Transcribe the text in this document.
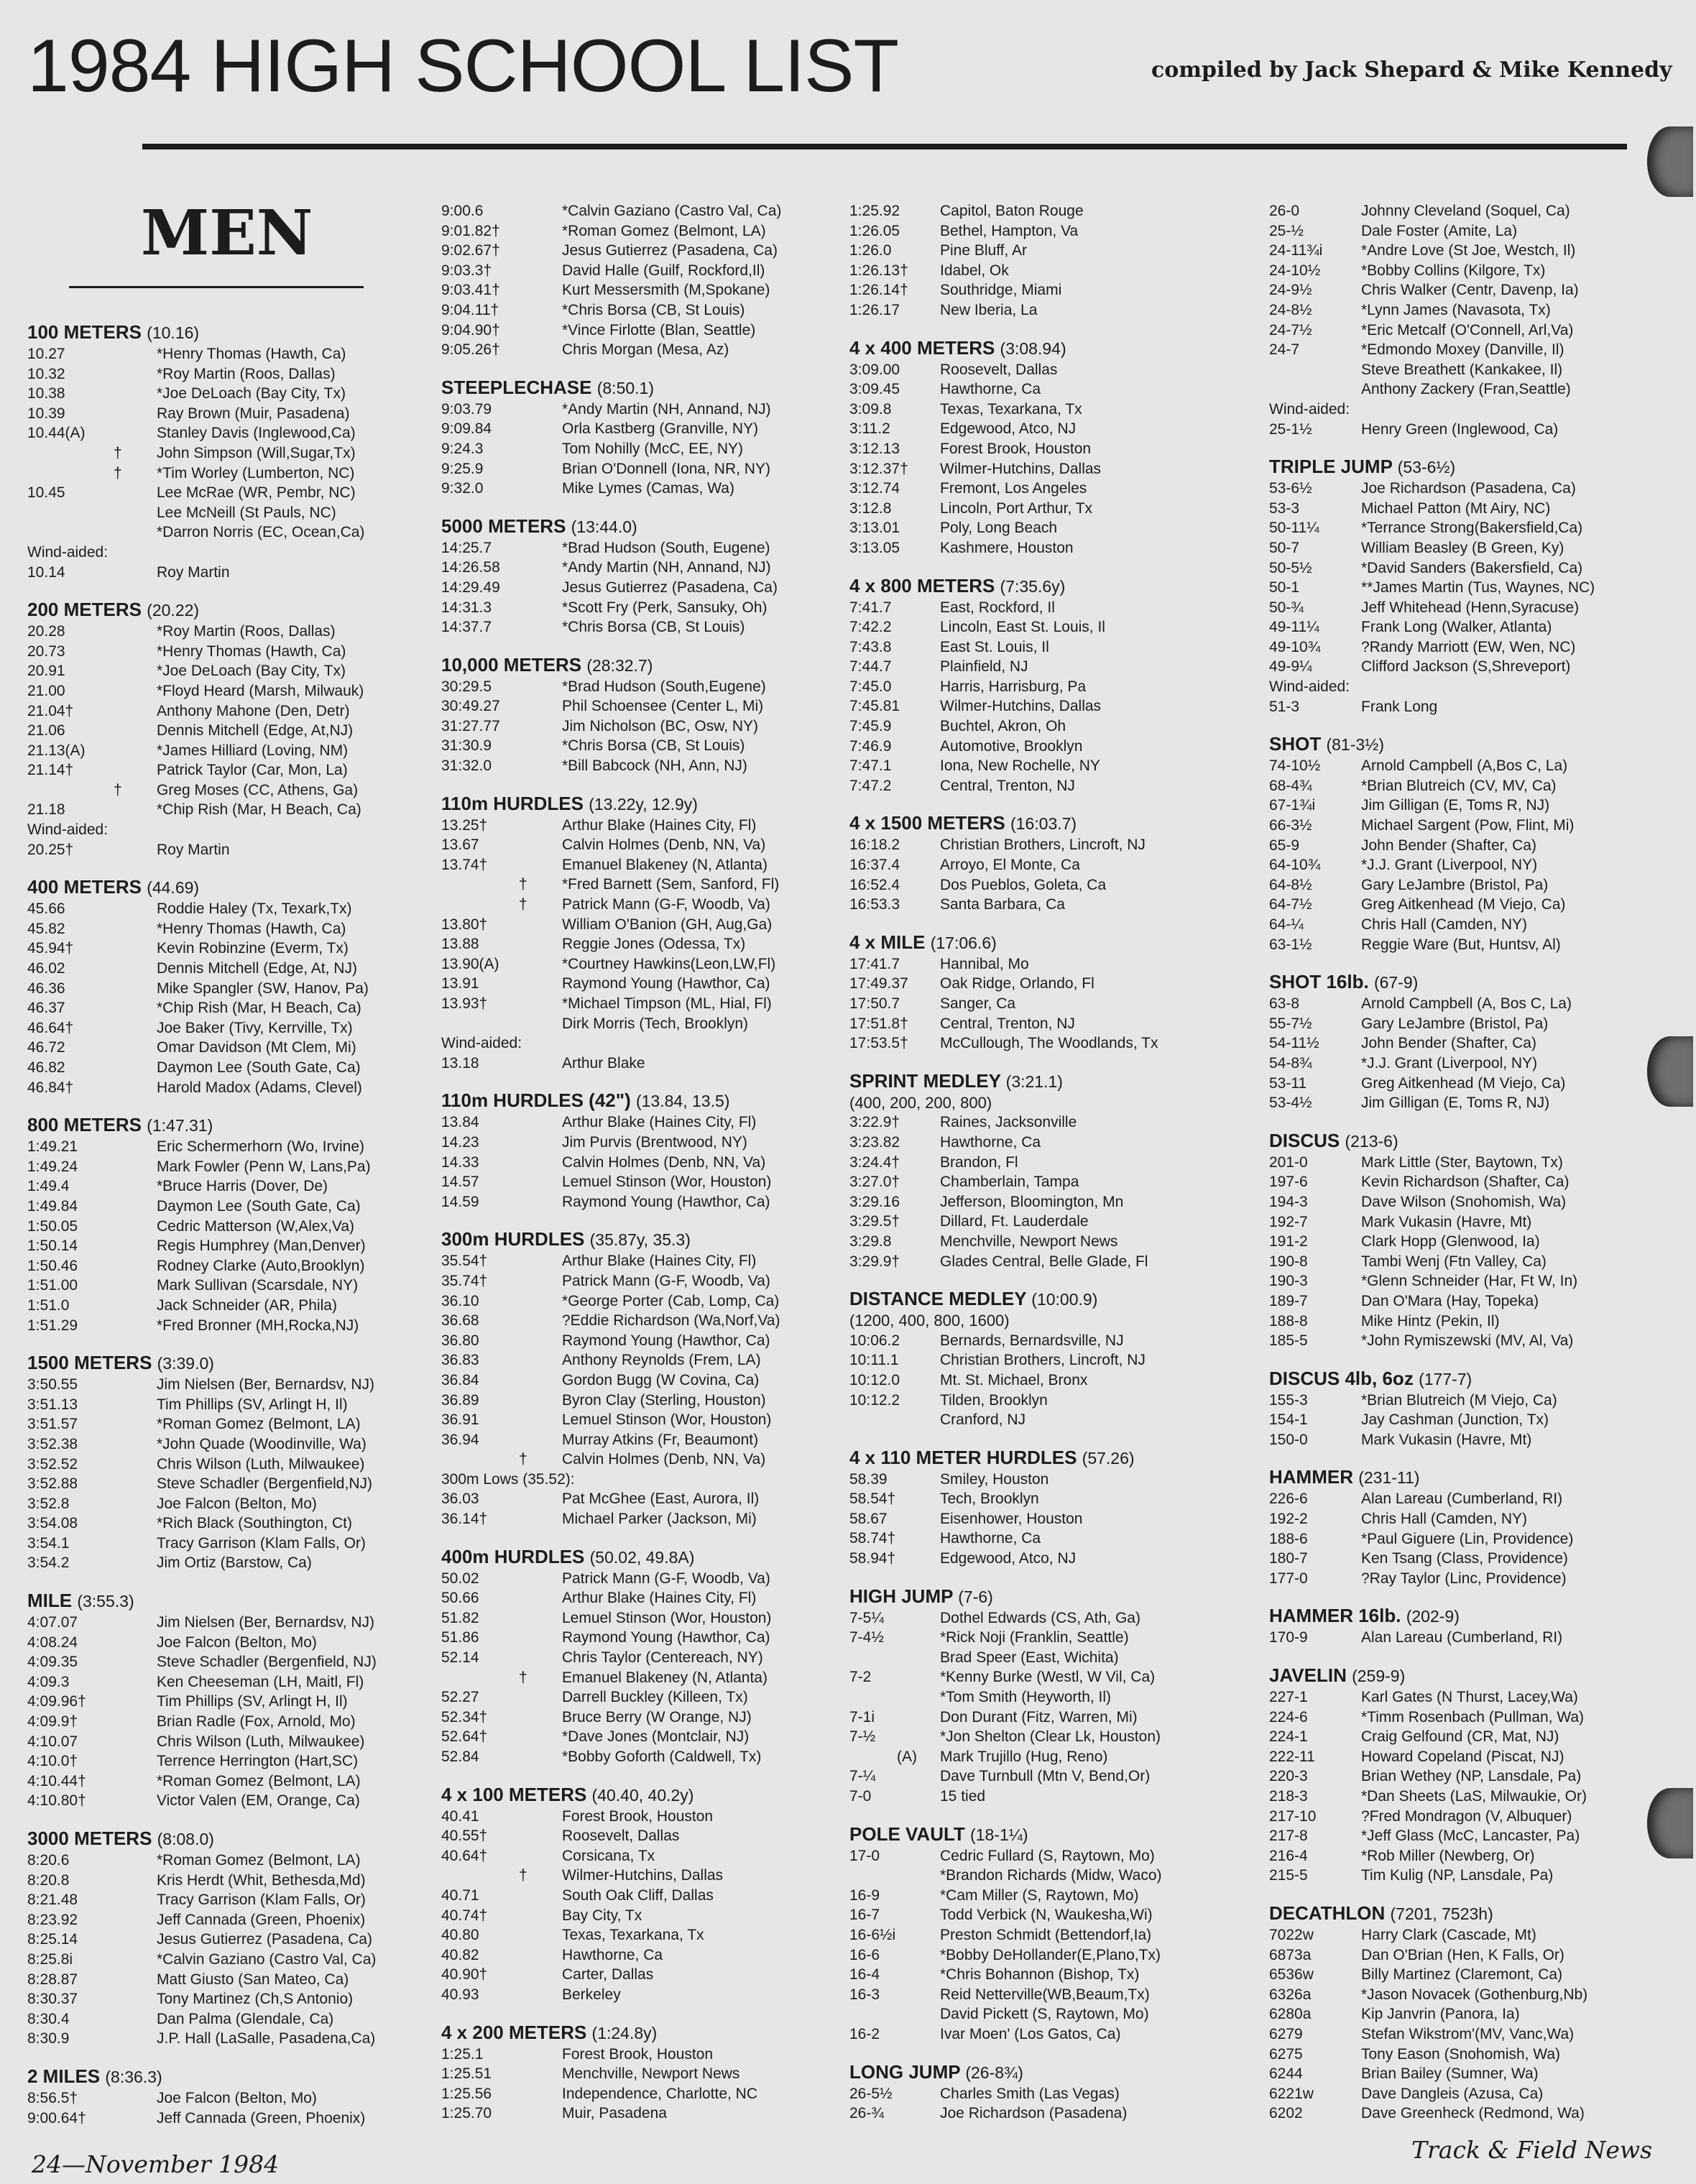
1984 HIGH SCHOOL LIST	compiled by Jack Shepard & Mike Kennedy
MEN
100 METERS (10.16)
10.27	*Henry Thomas (Hawth, Ca)
10.32	*Roy Martin (Roos, Dallas)
10.38	*Joe DeLoach (Bay City, Tx)
10.39	Ray Brown (Muir, Pasadena)
10.44(A)	Stanley Davis (Inglewood,Ca)
† John Simpson (Will,Sugar,Tx)
† *Tim Worley (Lumberton, NC)
10.45	Lee McRae (WR, Pembr, NC)
Lee McNeill (St Pauls, NC)
*Darron Norris (EC, Ocean,Ca)
Wind-aided:
10.14	Roy Martin
200 METERS (20.22)
20.28	*Roy Martin (Roos, Dallas)
20.73	*Henry Thomas (Hawth, Ca)
20.91	*Joe DeLoach (Bay City, Tx)
21.00	*Floyd Heard (Marsh, Milwauk)
21.04†	Anthony Mahone (Den, Detr)
21.06	Dennis Mitchell (Edge, At,NJ)
21.13(A)	*James Hilliard (Loving, NM)
21.14†	Patrick Taylor (Car, Mon, La)
† Greg Moses (CC, Athens, Ga)
21.18	*Chip Rish (Mar, H Beach, Ca)
Wind-aided:
20.25†	Roy Martin
400 METERS (44.69)
45.66	Roddie Haley (Tx, Texark,Tx)
45.82	*Henry Thomas (Hawth, Ca)
45.94†	Kevin Robinzine (Everm, Tx)
46.02	Dennis Mitchell (Edge, At, NJ)
46.36	Mike Spangler (SW, Hanov, Pa)
46.37	*Chip Rish (Mar, H Beach, Ca)
46.64†	Joe Baker (Tivy, Kerrville, Tx)
46.72	Omar Davidson (Mt Clem, Mi)
46.82	Daymon Lee (South Gate, Ca)
46.84†	Harold Madox (Adams, Clevel)
800 METERS (1:47.31)
1:49.21	Eric Schermerhorn (Wo, Irvine)
1:49.24	Mark Fowler (Penn W, Lans,Pa)
1:49.4	*Bruce Harris (Dover, De)
1:49.84	Daymon Lee (South Gate, Ca)
1:50.05	Cedric Matterson (W,Alex,Va)
1:50.14	Regis Humphrey (Man,Denver)
1:50.46	Rodney Clarke (Auto,Brooklyn)
1:51.00	Mark Sullivan (Scarsdale, NY)
1:51.0	Jack Schneider (AR, Phila)
1:51.29	*Fred Bronner (MH,Rocka,NJ)
1500 METERS (3:39.0)
3:50.55	Jim Nielsen (Ber, Bernardsv, NJ)
3:51.13	Tim Phillips (SV, Arlingt H, Il)
3:51.57	*Roman Gomez (Belmont, LA)
3:52.38	*John Quade (Woodinville, Wa)
3:52.52	Chris Wilson (Luth, Milwaukee)
3:52.88	Steve Schadler (Bergenfield,NJ)
3:52.8	Joe Falcon (Belton, Mo)
3:54.08	*Rich Black (Southington, Ct)
3:54.1	Tracy Garrison (Klam Falls, Or)
3:54.2	Jim Ortiz (Barstow, Ca)
MILE (3:55.3)
4:07.07	Jim Nielsen (Ber, Bernardsv, NJ)
4:08.24	Joe Falcon (Belton, Mo)
4:09.35	Steve Schadler (Bergenfield, NJ)
4:09.3	Ken Cheeseman (LH, Maitl, Fl)
4:09.96†	Tim Phillips (SV, Arlingt H, Il)
4:09.9†	Brian Radle (Fox, Arnold, Mo)
4:10.07	Chris Wilson (Luth, Milwaukee)
4:10.0†	Terrence Herrington (Hart,SC)
4:10.44†	*Roman Gomez (Belmont, LA)
4:10.80†	Victor Valen (EM, Orange, Ca)
3000 METERS (8:08.0)
8:20.6	*Roman Gomez (Belmont, LA)
8:20.8	Kris Herdt (Whit, Bethesda,Md)
8:21.48	Tracy Garrison (Klam Falls, Or)
8:23.92	Jeff Cannada (Green, Phoenix)
8:25.14	Jesus Gutierrez (Pasadena, Ca)
8:25.8i	*Calvin Gaziano (Castro Val, Ca)
8:28.87	Matt Giusto (San Mateo, Ca)
8:30.37	Tony Martinez (Ch,S Antonio)
8:30.4	Dan Palma (Glendale, Ca)
8:30.9	J.P. Hall (LaSalle, Pasadena,Ca)
2 MILES (8:36.3)
8:56.5†	Joe Falcon (Belton, Mo)
9:00.64†	Jeff Cannada (Green, Phoenix)
9:00.6	*Calvin Gaziano (Castro Val, Ca)
9:01.82†	*Roman Gomez (Belmont, LA)
9:02.67†	Jesus Gutierrez (Pasadena, Ca)
9:03.3†	David Halle (Guilf, Rockford,Il)
9:03.41†	Kurt Messersmith (M,Spokane)
9:04.11†	*Chris Borsa (CB, St Louis)
9:04.90†	*Vince Firlotte (Blan, Seattle)
9:05.26†	Chris Morgan (Mesa, Az)
STEEPLECHASE (8:50.1)
9:03.79	*Andy Martin (NH, Annand, NJ)
9:09.84	Orla Kastberg (Granville, NY)
9:24.3	Tom Nohilly (McC, EE, NY)
9:25.9	Brian O'Donnell (Iona, NR, NY)
9:32.0	Mike Lymes (Camas, Wa)
5000 METERS (13:44.0)
14:25.7	*Brad Hudson (South, Eugene)
14:26.58	*Andy Martin (NH, Annand, NJ)
14:29.49	Jesus Gutierrez (Pasadena, Ca)
14:31.3	*Scott Fry (Perk, Sansuky, Oh)
14:37.7	*Chris Borsa (CB, St Louis)
10,000 METERS (28:32.7)
30:29.5	*Brad Hudson (South,Eugene)
30:49.27	Phil Schoensee (Center L, Mi)
31:27.77	Jim Nicholson (BC, Osw, NY)
31:30.9	*Chris Borsa (CB, St Louis)
31:32.0	*Bill Babcock (NH, Ann, NJ)
110m HURDLES (13.22y, 12.9y)
13.25†	Arthur Blake (Haines City, Fl)
13.67	Calvin Holmes (Denb, NN, Va)
13.74†	Emanuel Blakeney (N, Atlanta)
† *Fred Barnett (Sem, Sanford, Fl)
† Patrick Mann (G-F, Woodb, Va)
13.80†	William O'Banion (GH, Aug,Ga)
13.88	Reggie Jones (Odessa, Tx)
13.90(A)	*Courtney Hawkins(Leon,LW,Fl)
13.91	Raymond Young (Hawthor, Ca)
13.93†	*Michael Timpson (ML, Hial, Fl)
Dirk Morris (Tech, Brooklyn)
Wind-aided:
13.18	Arthur Blake
110m HURDLES (42") (13.84, 13.5)
13.84	Arthur Blake (Haines City, Fl)
14.23	Jim Purvis (Brentwood, NY)
14.33	Calvin Holmes (Denb, NN, Va)
14.57	Lemuel Stinson (Wor, Houston)
14.59	Raymond Young (Hawthor, Ca)
300m HURDLES (35.87y, 35.3)
35.54†	Arthur Blake (Haines City, Fl)
35.74†	Patrick Mann (G-F, Woodb, Va)
36.10	*George Porter (Cab, Lomp, Ca)
36.68	?Eddie Richardson (Wa,Norf,Va)
36.80	Raymond Young (Hawthor, Ca)
36.83	Anthony Reynolds (Frem, LA)
36.84	Gordon Bugg (W Covina, Ca)
36.89	Byron Clay (Sterling, Houston)
36.91	Lemuel Stinson (Wor, Houston)
36.94	Murray Atkins (Fr, Beaumont)
† Calvin Holmes (Denb, NN, Va)
300m Lows (35.52):
36.03	Pat McGhee (East, Aurora, Il)
36.14†	Michael Parker (Jackson, Mi)
400m HURDLES (50.02, 49.8A)
50.02	Patrick Mann (G-F, Woodb, Va)
50.66	Arthur Blake (Haines City, Fl)
51.82	Lemuel Stinson (Wor, Houston)
51.86	Raymond Young (Hawthor, Ca)
52.14	Chris Taylor (Centereach, NY)
† Emanuel Blakeney (N, Atlanta)
52.27	Darrell Buckley (Killeen, Tx)
52.34†	Bruce Berry (W Orange, NJ)
52.64†	*Dave Jones (Montclair, NJ)
52.84	*Bobby Goforth (Caldwell, Tx)
4 x 100 METERS (40.40, 40.2y)
40.41	Forest Brook, Houston
40.55†	Roosevelt, Dallas
40.64†	Corsicana, Tx
† Wilmer-Hutchins, Dallas
40.71	South Oak Cliff, Dallas
40.74†	Bay City, Tx
40.80	Texas, Texarkana, Tx
40.82	Hawthorne, Ca
40.90†	Carter, Dallas
40.93	Berkeley
4 x 200 METERS (1:24.8y)
1:25.1	Forest Brook, Houston
1:25.51	Menchville, Newport News
1:25.56	Independence, Charlotte, NC
1:25.70	Muir, Pasadena
1:25.92	Capitol, Baton Rouge
1:26.05	Bethel, Hampton, Va
1:26.0	Pine Bluff, Ar
1:26.13† Idabel, Ok
1:26.14† Southridge, Miami
1:26.17	New Iberia, La
4 x 400 METERS (3:08.94)
3:09.00	Roosevelt, Dallas
3:09.45	Hawthorne, Ca
3:09.8	Texas, Texarkana, Tx
3:11.2	Edgewood, Atco, NJ
3:12.13	Forest Brook, Houston
3:12.37† Wilmer-Hutchins, Dallas
3:12.74	Fremont, Los Angeles
3:12.8	Lincoln, Port Arthur, Tx
3:13.01	Poly, Long Beach
3:13.05	Kashmere, Houston
4 x 800 METERS (7:35.6y)
7:41.7	East, Rockford, Il
7:42.2	Lincoln, East St. Louis, Il
7:43.8	East St. Louis, Il
7:44.7	Plainfield, NJ
7:45.0	Harris, Harrisburg, Pa
7:45.81	Wilmer-Hutchins, Dallas
7:45.9	Buchtel, Akron, Oh
7:46.9	Automotive, Brooklyn
7:47.1	Iona, New Rochelle, NY
7:47.2	Central, Trenton, NJ
4 x 1500 METERS (16:03.7)
16:18.2	Christian Brothers, Lincroft, NJ
16:37.4	Arroyo, El Monte, Ca
16:52.4	Dos Pueblos, Goleta, Ca
16:53.3	Santa Barbara, Ca
4 x MILE (17:06.6)
17:41.7	Hannibal, Mo
17:49.37 Oak Ridge, Orlando, Fl
17:50.7	Sanger, Ca
17:51.8† Central, Trenton, NJ
17:53.5† McCullough, The Woodlands, Tx
SPRINT MEDLEY (3:21.1)
(400, 200, 200, 800)
3:22.9†	Raines, Jacksonville
3:23.82	Hawthorne, Ca
3:24.4†	Brandon, Fl
3:27.0†	Chamberlain, Tampa
3:29.16	Jefferson, Bloomington, Mn
3:29.5†	Dillard, Ft. Lauderdale
3:29.8	Menchville, Newport News
3:29.9†	Glades Central, Belle Glade, Fl
DISTANCE MEDLEY (10:00.9)
(1200, 400, 800, 1600)
10:06.2	Bernards, Bernardsville, NJ
10:11.1	Christian Brothers, Lincroft, NJ
10:12.0	Mt. St. Michael, Bronx
10:12.2	Tilden, Brooklyn
Cranford, NJ
4 x 110 METER HURDLES (57.26)
58.39	Smiley, Houston
58.54†	Tech, Brooklyn
58.67	Eisenhower, Houston
58.74†	Hawthorne, Ca
58.94†	Edgewood, Atco, NJ
HIGH JUMP (7-6)
7-5¼	Dothel Edwards (CS, Ath, Ga)
7-4½	*Rick Noji (Franklin, Seattle)
Brad Speer (East, Wichita)
7-2	*Kenny Burke (Westl, W Vil, Ca)
*Tom Smith (Heyworth, Il)
7-1i	Don Durant (Fitz, Warren, Mi)
7-½	*Jon Shelton (Clear Lk, Houston)
(A) Mark Trujillo (Hug, Reno)
7-¼	Dave Turnbull (Mtn V, Bend,Or)
7-0	15 tied
POLE VAULT (18-1¼)
17-0	Cedric Fullard (S, Raytown, Mo)
*Brandon Richards (Midw, Waco)
16-9	*Cam Miller (S, Raytown, Mo)
16-7	Todd Verbick (N, Waukesha,Wi)
16-6½i	Preston Schmidt (Bettendorf,Ia)
16-6	*Bobby DeHollander(E,Plano,Tx)
16-4	*Chris Bohannon (Bishop, Tx)
16-3	Reid Netterville(WB,Beaum,Tx)
David Pickett (S, Raytown, Mo)
16-2	Ivar Moen' (Los Gatos, Ca)
LONG JUMP (26-8¾)
26-5½	Charles Smith (Las Vegas)
26-¾	Joe Richardson (Pasadena)
26-0	Johnny Cleveland (Soquel, Ca)
25-½	Dale Foster (Amite, La)
24-11¾i	*Andre Love (St Joe, Westch, Il)
24-10½	*Bobby Collins (Kilgore, Tx)
24-9½	Chris Walker (Centr, Davenp, Ia)
24-8½	*Lynn James (Navasota, Tx)
24-7½	*Eric Metcalf (O'Connell, Arl,Va)
24-7	*Edmondo Moxey (Danville, Il)
Steve Breathett (Kankakee, Il)
Anthony Zackery (Fran,Seattle)
Wind-aided:
25-1½	Henry Green (Inglewood, Ca)
TRIPLE JUMP (53-6½)
53-6½	Joe Richardson (Pasadena, Ca)
53-3	Michael Patton (Mt Airy, NC)
50-11¼	*Terrance Strong(Bakersfield,Ca)
50-7	William Beasley (B Green, Ky)
50-5½	*David Sanders (Bakersfield, Ca)
50-1	**James Martin (Tus, Waynes, NC)
50-¾	Jeff Whitehead (Henn,Syracuse)
49-11¼	Frank Long (Walker, Atlanta)
49-10¾	?Randy Marriott (EW, Wen, NC)
49-9¼	Clifford Jackson (S,Shreveport)
Wind-aided:
51-3	Frank Long
SHOT (81-3½)
74-10½	Arnold Campbell (A,Bos C, La)
68-4¾	*Brian Blutreich (CV, MV, Ca)
67-1¾i	Jim Gilligan (E, Toms R, NJ)
66-3½	Michael Sargent (Pow, Flint, Mi)
65-9	John Bender (Shafter, Ca)
64-10¾	*J.J. Grant (Liverpool, NY)
64-8½	Gary LeJambre (Bristol, Pa)
64-7½	Greg Aitkenhead (M Viejo, Ca)
64-¼	Chris Hall (Camden, NY)
63-1½	Reggie Ware (But, Huntsv, Al)
SHOT 16lb. (67-9)
63-8	Arnold Campbell (A, Bos C, La)
55-7½	Gary LeJambre (Bristol, Pa)
54-11½	John Bender (Shafter, Ca)
54-8¾	*J.J. Grant (Liverpool, NY)
53-11	Greg Aitkenhead (M Viejo, Ca)
53-4½	Jim Gilligan (E, Toms R, NJ)
DISCUS (213-6)
201-0	Mark Little (Ster, Baytown, Tx)
197-6	Kevin Richardson (Shafter, Ca)
194-3	Dave Wilson (Snohomish, Wa)
192-7	Mark Vukasin (Havre, Mt)
191-2	Clark Hopp (Glenwood, Ia)
190-8	Tambi Wenj (Ftn Valley, Ca)
190-3	*Glenn Schneider (Har, Ft W, In)
189-7	Dan O'Mara (Hay, Topeka)
188-8	Mike Hintz (Pekin, Il)
185-5	*John Rymiszewski (MV, Al, Va)
DISCUS 4lb, 6oz (177-7)
155-3	*Brian Blutreich (M Viejo, Ca)
154-1	Jay Cashman (Junction, Tx)
150-0	Mark Vukasin (Havre, Mt)
HAMMER (231-11)
226-6	Alan Lareau (Cumberland, RI)
192-2	Chris Hall (Camden, NY)
188-6	*Paul Giguere (Lin, Providence)
180-7	Ken Tsang (Class, Providence)
177-0	?Ray Taylor (Linc, Providence)
HAMMER 16lb. (202-9)
170-9	Alan Lareau (Cumberland, RI)
JAVELIN (259-9)
227-1	Karl Gates (N Thurst, Lacey,Wa)
224-6	*Timm Rosenbach (Pullman, Wa)
224-1	Craig Gelfound (CR, Mat, NJ)
222-11	Howard Copeland (Piscat, NJ)
220-3	Brian Wethey (NP, Lansdale, Pa)
218-3	*Dan Sheets (LaS, Milwaukie, Or)
217-10	?Fred Mondragon (V, Albuquer)
217-8	*Jeff Glass (McC, Lancaster, Pa)
216-4	*Rob Miller (Newberg, Or)
215-5	Tim Kulig (NP, Lansdale, Pa)
DECATHLON (7201, 7523h)
7022w	Harry Clark (Cascade, Mt)
6873a	Dan O'Brian (Hen, K Falls, Or)
6536w	Billy Martinez (Claremont, Ca)
6326a	*Jason Novacek (Gothenburg,Nb)
6280a	Kip Janvrin (Panora, Ia)
6279	Stefan Wikstrom'(MV, Vanc,Wa)
6275	Tony Eason (Snohomish, Wa)
6244	Brian Bailey (Sumner, Wa)
6221w	Dave Dangleis (Azusa, Ca)
6202	Dave Greenheck (Redmond, Wa)
24—November 1984
Track & Field News
